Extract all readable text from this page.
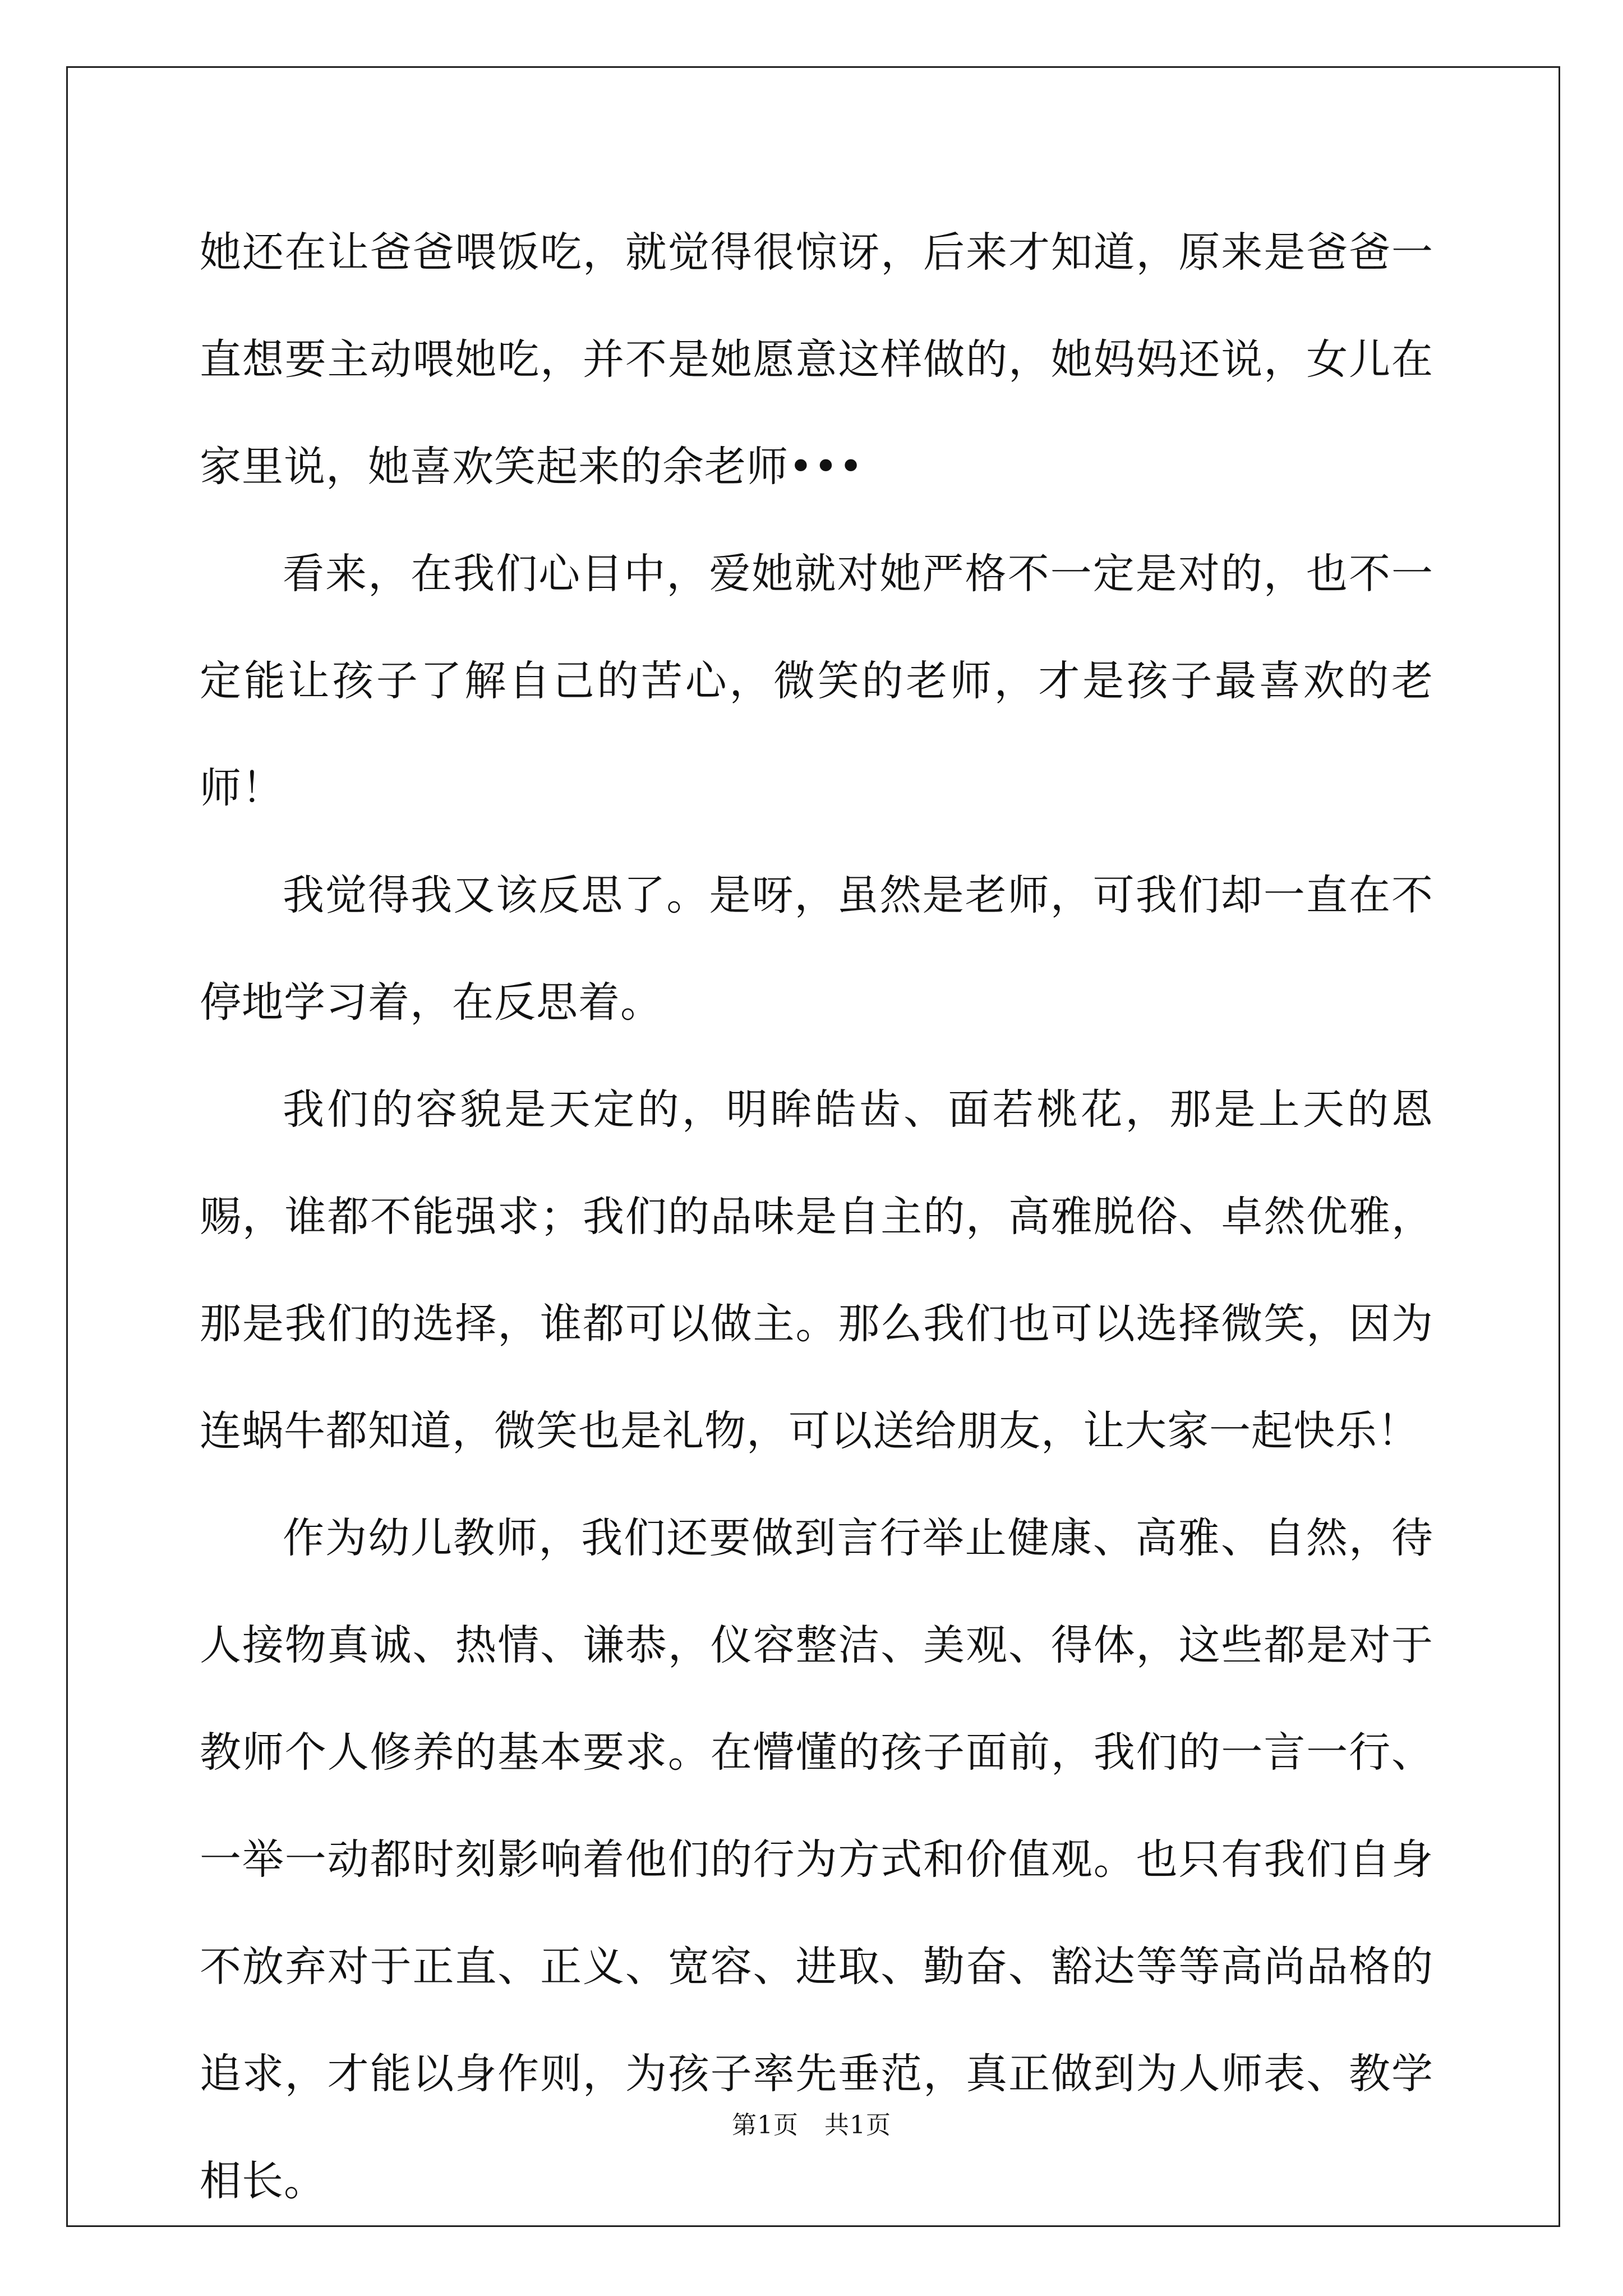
她还在让爸爸喂饭吃，就觉得很惊讶，后来才知道，原来是爸爸一直想要主动喂她吃，并不是她愿意这样做的，她妈妈还说，女儿在家里说，她喜欢笑起来的余老师•••

看来，在我们心目中，爱她就对她严格不一定是对的，也不一定能让孩子了解自己的苦心，微笑的老师，才是孩子最喜欢的老师！

我觉得我又该反思了。是呀，虽然是老师，可我们却一直在不停地学习着，在反思着。

我们的容貌是天定的，明眸皓齿、面若桃花，那是上天的恩赐，谁都不能强求；我们的品味是自主的，高雅脱俗、卓然优雅，那是我们的选择，谁都可以做主。那么我们也可以选择微笑，因为连蜗牛都知道，微笑也是礼物，可以送给朋友，让大家一起快乐！

作为幼儿教师，我们还要做到言行举止健康、高雅、自然，待人接物真诚、热情、谦恭，仪容整洁、美观、得体，这些都是对于教师个人修养的基本要求。在懵懂的孩子面前，我们的一言一行、一举一动都时刻影响着他们的行为方式和价值观。也只有我们自身不放弃对于正直、正义、宽容、进取、勤奋、豁达等等高尚品格的追求，才能以身作则，为孩子率先垂范，真正做到为人师表、教学相长。

第1页 共1页
